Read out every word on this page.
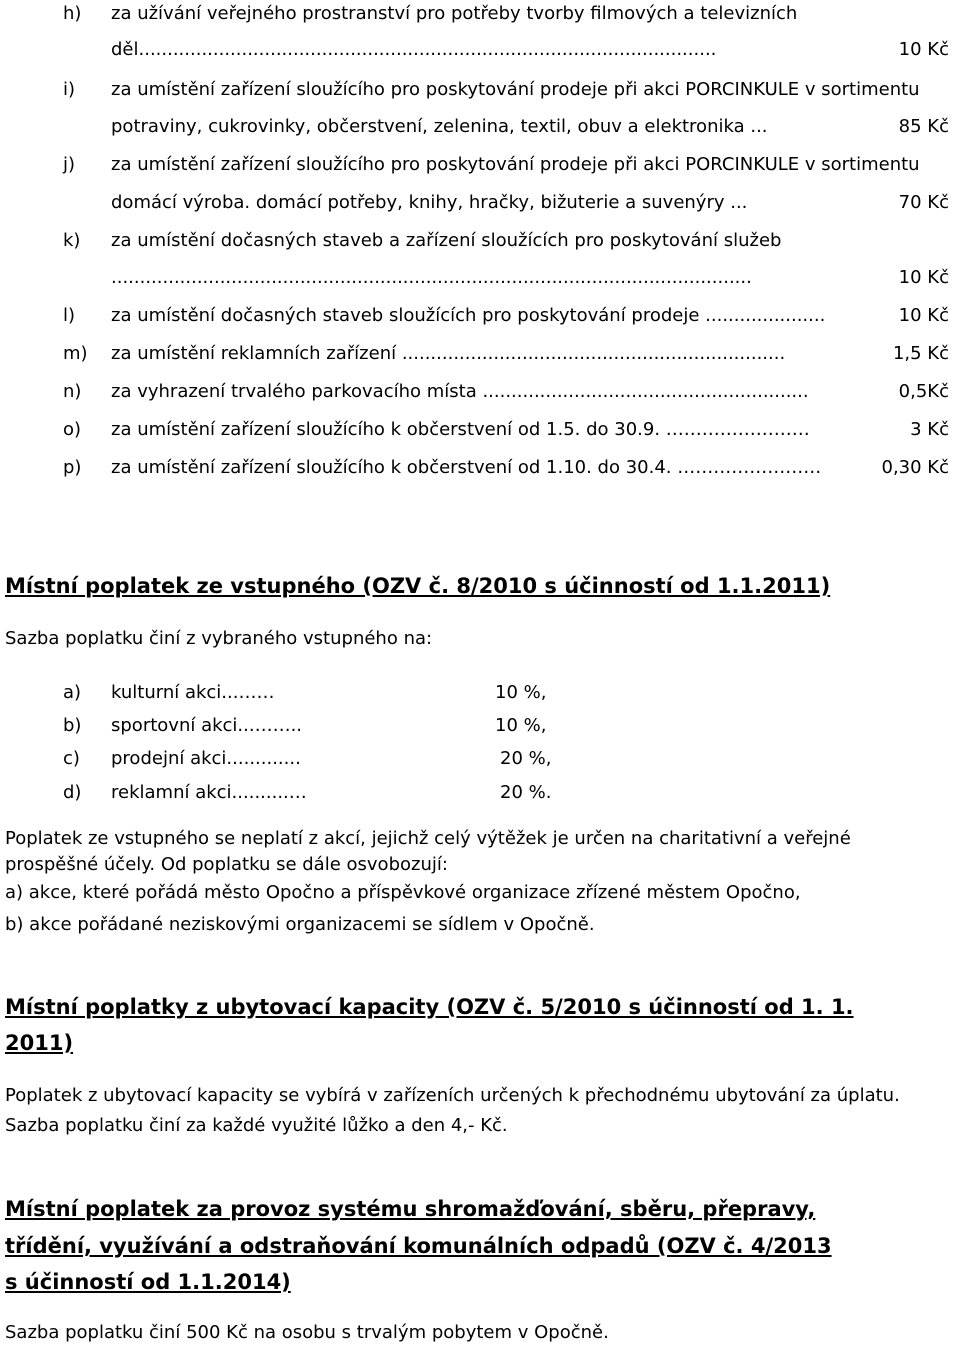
h) za užívání veřejného prostranství pro potřeby tvorby filmových a televizních
děl.....................................................................................................	10 Kč
i) za umístění zařízení sloužícího pro poskytování prodeje při akci PORCINKULE v sortimentu
potraviny, cukrovinky, občerstvení, zelenina, textil, obuv a elektronika ...	85 Kč
j) za umístění zařízení sloužícího pro poskytování prodeje při akci PORCINKULE v sortimentu
domácí výroba. domácí potřeby, knihy, hračky, bižuterie a suvenýry ...	70 Kč
k) za umístění dočasných staveb a zařízení sloužících pro poskytování služeb
................................................................................................................	10 Kč
l) za umístění dočasných staveb sloužících pro poskytování prodeje .....................	10 Kč
m) za umístění reklamních zařízení ...................................................................	1,5 Kč
n) za vyhrazení trvalého parkovacího místa .........................................................	0,5Kč
o) za umístění zařízení sloužícího k občerstvení od 1.5. do 30.9. ……………………	3 Kč
p) za umístění zařízení sloužícího k občerstvení od 1.10. do 30.4. ……………………	0,30 Kč
Místní poplatek ze vstupného (OZV č. 8/2010 s účinností od 1.1.2011)
Sazba poplatku činí z vybraného vstupného na:
a) kulturní akci...……	10 %,
b) sportovní akci...……..	10 %,
c) prodejní akci.............	20 %,
d) reklamní akci..........…	20 %.
Poplatek ze vstupného se neplatí z akcí, jejichž celý výtěžek je určen na charitativní a veřejné
prospěšné účely. Od poplatku se dále osvobozují:
a) akce, které pořádá město Opočno a příspěvkové organizace zřízené městem Opočno,
b) akce pořádané neziskovými organizacemi se sídlem v Opočně.
Místní poplatky z ubytovací kapacity (OZV č. 5/2010 s účinností od 1. 1.
2011)
Poplatek z ubytovací kapacity se vybírá v zařízeních určených k přechodnému ubytování za úplatu.
Sazba poplatku činí za každé využité lůžko a den 4,- Kč.
Místní poplatek za provoz systému shromažďování, sběru, přepravy,
třídění, využívání a odstraňování komunálních odpadů (OZV č. 4/2013
s účinností od 1.1.2014)
Sazba poplatku činí 500 Kč na osobu s trvalým pobytem v Opočně.
